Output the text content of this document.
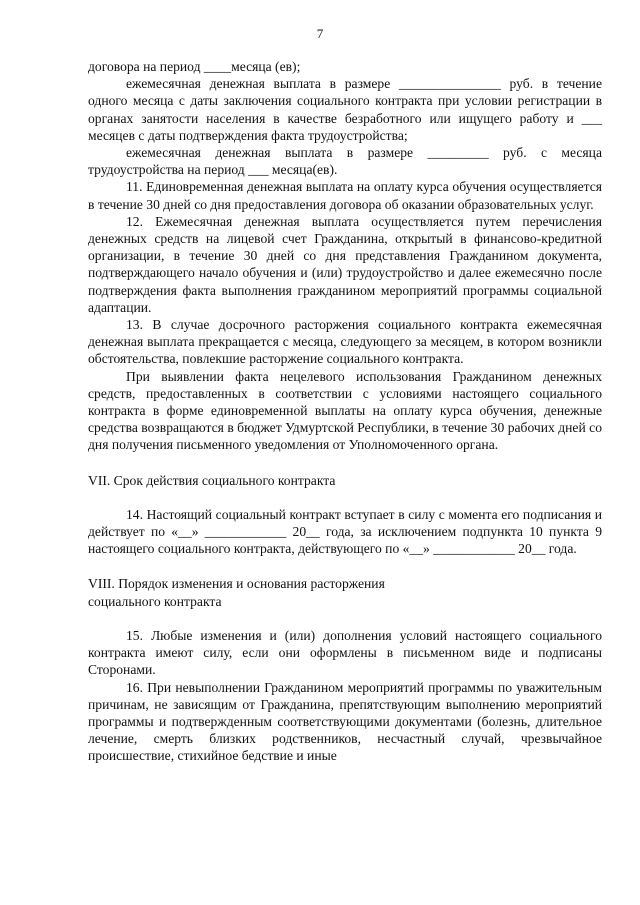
7

договора на период ____месяца (ев);

ежемесячная денежная выплата в размере _______________ руб. в течение одного месяца с даты заключения социального контракта при условии регистрации в органах занятости населения в качестве безработного или ищущего работу и ___ месяцев с даты подтверждения факта трудоустройства;

ежемесячная денежная выплата в размере _________ руб. с месяца трудоустройства на период ___ месяца(ев).

11. Единовременная денежная выплата на оплату курса обучения осуществляется в течение 30 дней со дня предоставления договора об оказании образовательных услуг.

12. Ежемесячная денежная выплата осуществляется путем перечисления денежных средств на лицевой счет Гражданина, открытый в финансово-кредитной организации, в течение 30 дней со дня представления Гражданином документа, подтверждающего начало обучения и (или) трудоустройство и далее ежемесячно после подтверждения факта выполнения гражданином мероприятий программы социальной адаптации.

13. В случае досрочного расторжения социального контракта ежемесячная денежная выплата прекращается с месяца, следующего за месяцем, в котором возникли обстоятельства, повлекшие расторжение социального контракта.

При выявлении факта нецелевого использования Гражданином денежных средств, предоставленных в соответствии с условиями настоящего социального контракта в форме единовременной выплаты на оплату курса обучения, денежные средства возвращаются в бюджет Удмуртской Республики, в течение 30 рабочих дней со дня получения письменного уведомления от Уполномоченного органа.

VII. Срок действия социального контракта

14. Настоящий социальный контракт вступает в силу с момента его подписания и действует по «__» ____________ 20__ года, за исключением подпункта 10 пункта 9 настоящего социального контракта, действующего по «__» ____________ 20__ года.

VIII. Порядок изменения и основания расторжения

социального контракта

15. Любые изменения и (или) дополнения условий настоящего социального контракта имеют силу, если они оформлены в письменном виде и подписаны Сторонами.

16. При невыполнении Гражданином мероприятий программы по уважительным причинам, не зависящим от Гражданина, препятствующим выполнению мероприятий программы и подтвержденным соответствующими документами (болезнь, длительное лечение, смерть близких родственников, несчастный случай, чрезвычайное происшествие, стихийное бедствие и иные
